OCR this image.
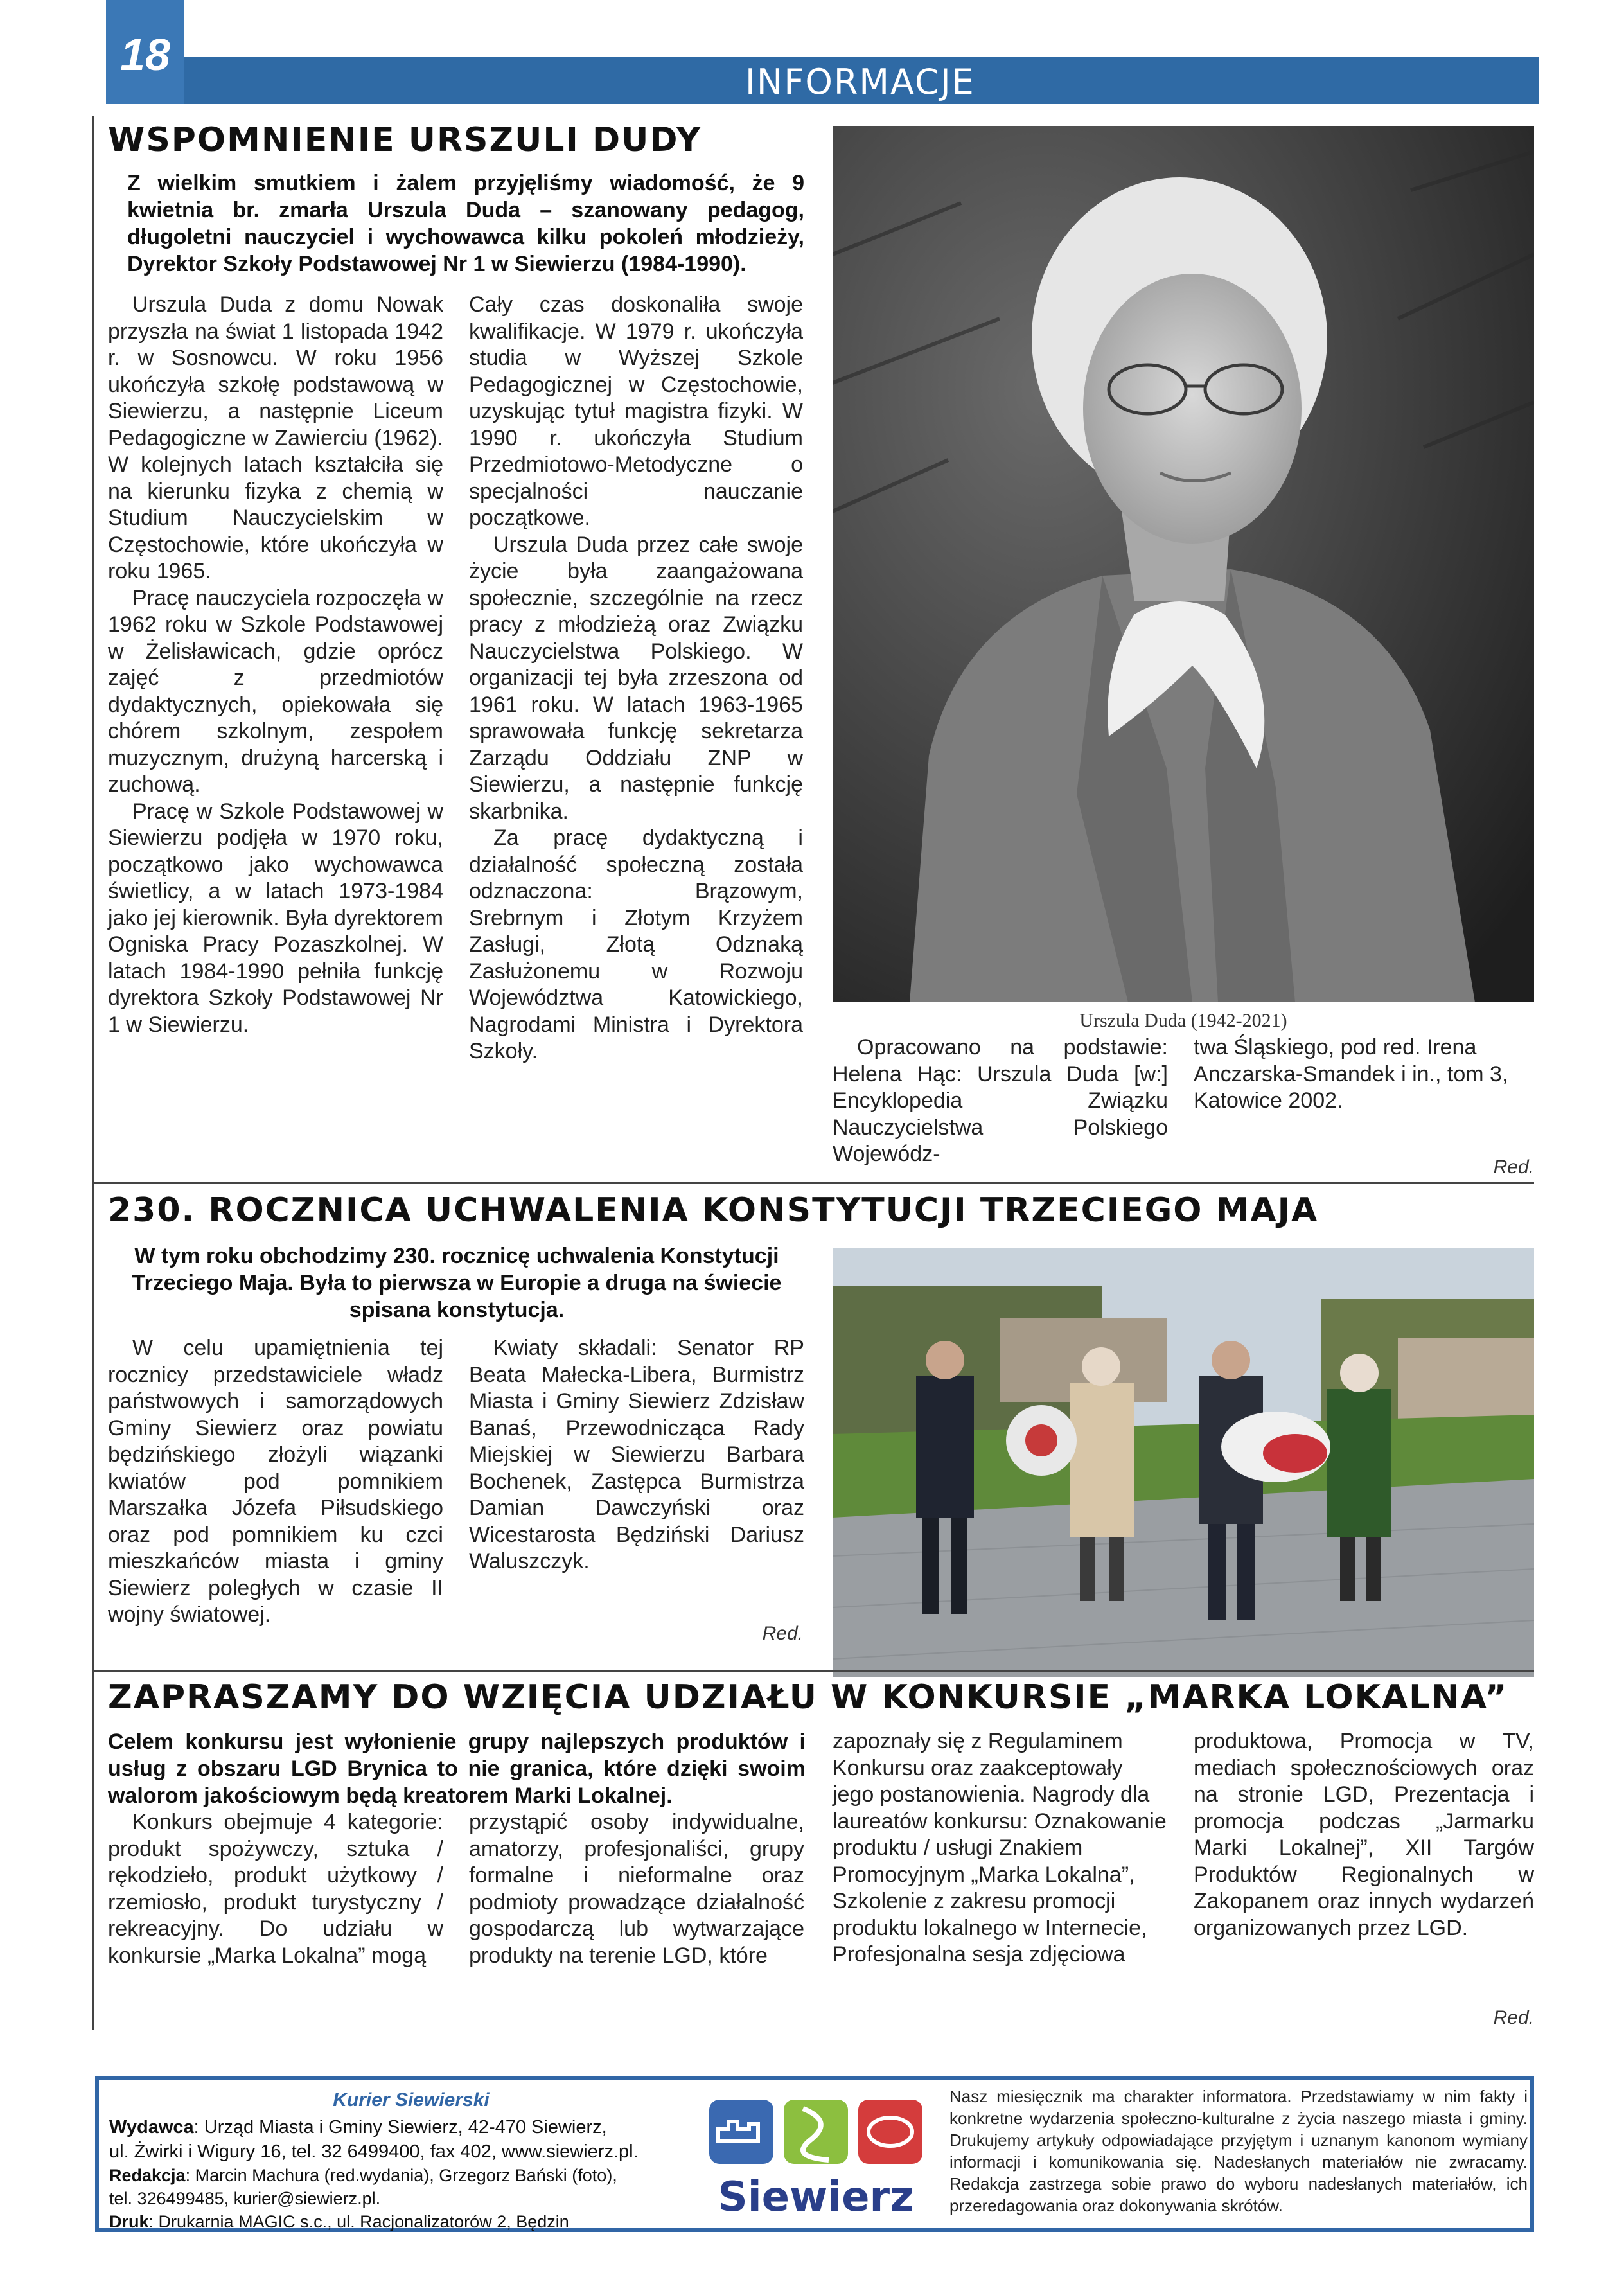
18
INFORMACJE
WSPOMNIENIE URSZULI DUDY
Z wielkim smutkiem i żalem przyjęliśmy wiadomość, że 9 kwietnia br. zmarła Urszula Duda – szanowany pedagog, długoletni nauczyciel i wychowawca kilku pokoleń młodzieży, Dyrektor Szkoły Podstawowej Nr 1 w Siewierzu (1984-1990).

Urszula Duda z domu Nowak przyszła na świat 1 listopada 1942 r. w Sosnowcu. W roku 1956 ukończyła szkołę podstawową w Siewierzu, a następnie Liceum Pedagogiczne w Zawierciu (1962). W kolejnych latach kształciła się na kierunku fizyka z chemią w Studium Nauczycielskim w Częstochowie, które ukończyła w roku 1965.

Pracę nauczyciela rozpoczęła w 1962 roku w Szkole Podstawowej w Żelisławicach, gdzie oprócz zajęć z przedmiotów dydaktycznych, opiekowała się chórem szkolnym, zespołem muzycznym, drużyną harcerską i zuchową.

Pracę w Szkole Podstawowej w Siewierzu podjęła w 1970 roku, początkowo jako wychowawca świetlicy, a w latach 1973-1984 jako jej kierownik. Była dyrektorem Ogniska Pracy Pozaszkolnej. W latach 1984-1990 pełniła funkcję dyrektora Szkoły Podstawowej Nr 1 w Siewierzu.

Cały czas doskonaliła swoje kwalifikacje. W 1979 r. ukończyła studia w Wyższej Szkole Pedagogicznej w Częstochowie, uzyskując tytuł magistra fizyki. W 1990 r. ukończyła Studium Przedmiotowo-Metodyczne o specjalności nauczanie początkowe.

Urszula Duda przez całe swoje życie była zaangażowana społecznie, szczególnie na rzecz pracy z młodzieżą oraz Związku Nauczycielstwa Polskiego. W organizacji tej była zrzeszona od 1961 roku. W latach 1963-1965 sprawowała funkcję sekretarza Zarządu Oddziału ZNP w Siewierzu, a następnie funkcję skarbnika.

Za pracę dydaktyczną i działalność społeczną została odznaczona: Brązowym, Srebrnym i Złotym Krzyżem Zasługi, Złotą Odznaką Zasłużonemu w Rozwoju Województwa Katowickiego, Nagrodami Ministra i Dyrektora Szkoły.

Urszula Duda (1942-2021)

Opracowano na podstawie: Helena Hąc: Urszula Duda [w:] Encyklopedia Związku Nauczycielstwa Polskiego Wojewódz-

twa Śląskiego, pod red. Irena Anczarska-Smandek i in., tom 3, Katowice 2002.

Red.
230. ROCZNICA UCHWALENIA KONSTYTUCJI TRZECIEGO MAJA
W tym roku obchodzimy 230. rocznicę uchwalenia Konstytucji Trzeciego Maja. Była to pierwsza w Europie a druga na świecie spisana konstytucja.

W celu upamiętnienia tej rocznicy przedstawiciele władz państwowych i samorządowych Gminy Siewierz oraz powiatu będzińskiego złożyli wiązanki kwiatów pod pomnikiem Marszałka Józefa Piłsudskiego oraz pod pomnikiem ku czci mieszkańców miasta i gminy Siewierz poległych w czasie II wojny światowej.

Kwiaty składali: Senator RP Beata Małecka-Libera, Burmistrz Miasta i Gminy Siewierz Zdzisław Banaś, Przewodnicząca Rady Miejskiej w Siewierzu Barbara Bochenek, Zastępca Burmistrza Damian Dawczyński oraz Wicestarosta Będziński Dariusz Waluszczyk.

Red.
ZAPRASZAMY DO WZIĘCIA UDZIAŁU W KONKURSIE „MARKA LOKALNA”
Celem konkursu jest wyłonienie grupy najlepszych produktów i usług z obszaru LGD Brynica to nie granica, które dzięki swoim walorom jakościowym będą kreatorem Marki Lokalnej.

Konkurs obejmuje 4 kategorie: produkt spożywczy, sztuka / rękodzieło, produkt użytkowy / rzemiosło, produkt turystyczny / rekreacyjny. Do udziału w konkursie „Marka Lokalna” mogą

przystąpić osoby indywidualne, amatorzy, profesjonaliści, grupy formalne i nieformalne oraz podmioty prowadzące działalność gospodarczą lub wytwarzające produkty na terenie LGD, które

zapoznały się z Regulaminem Konkursu oraz zaakceptowały jego postanowienia. Nagrody dla laureatów konkursu: Oznakowanie produktu / usługi Znakiem Promocyjnym „Marka Lokalna”, Szkolenie z zakresu promocji produktu lokalnego w Internecie, Profesjonalna sesja zdjęciowa

produktowa, Promocja w TV, mediach społecznościowych oraz na stronie LGD, Prezentacja i promocja podczas „Jarmarku Marki Lokalnej”, XII Targów Produktów Regionalnych w Zakopanem oraz innych wydarzeń organizowanych przez LGD.

Red.
Kurier Siewierski
Wydawca: Urząd Miasta i Gminy Siewierz, 42-470 Siewierz,
ul. Żwirki i Wigury 16, tel. 32 6499400, fax 402, www.siewierz.pl.
Redakcja: Marcin Machura (red.wydania), Grzegorz Bański (foto),
tel. 326499485, kurier@siewierz.pl.
Druk: Drukarnia MAGIC s.c., ul. Racjonalizatorów 2, Będzin
Siewierz
Nasz miesięcznik ma charakter informatora. Przedstawiamy w nim fakty i konkretne wydarzenia społeczno-kulturalne z życia naszego miasta i gminy. Drukujemy artykuły odpowiadające przyjętym i uznanym kanonom wymiany informacji i komunikowania się. Nadesłanych materiałów nie zwracamy. Redakcja zastrzega sobie prawo do wyboru nadesłanych materiałów, ich przeredagowania oraz dokonywania skrótów.
